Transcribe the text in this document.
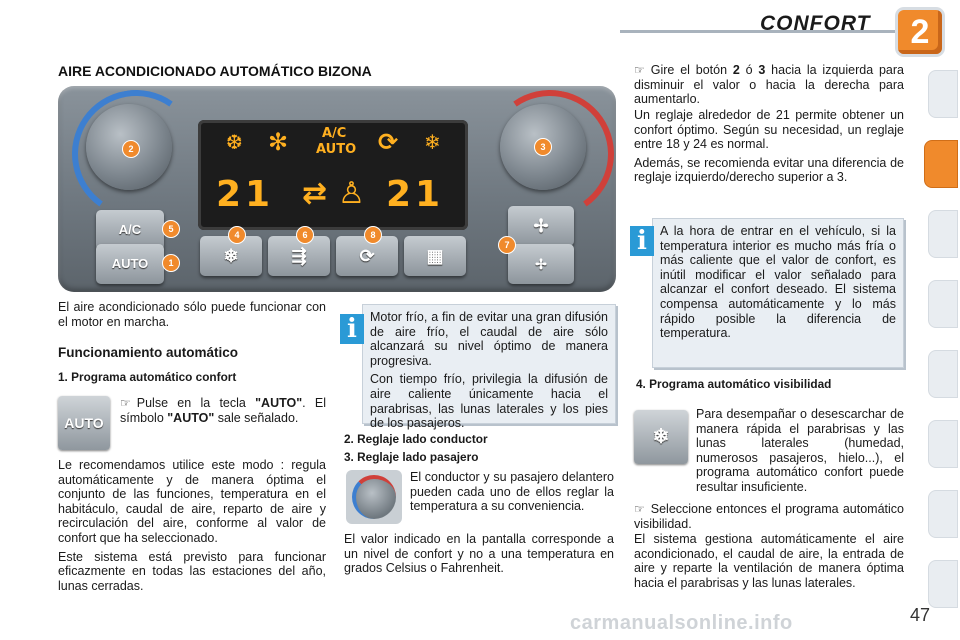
CONFORT	2
AIRE ACONDICIONADO AUTOMÁTICO BIZONA
❆ ✻	A/C
AUTO ⟳ ❄
21 ⇄ ♙ 21
A/C
AUTO	❄	⇶	⟳	▦
✢
✢
5
1
2	3
4	6	8
7

El aire acondicionado sólo puede funcionar con el motor en marcha.

Funcionamiento automático
1. Programa automático confort
AUTO
☞ Pulse en la tecla "AUTO". El símbolo "AUTO" sale señalado.

Le recomendamos utilice este modo : regula automáticamente y de manera óptima el conjunto de las funciones, temperatura en el habitáculo, caudal de aire, reparto de aire y recirculación del aire, conforme al valor de confort que ha seleccionado.

Este sistema está previsto para funcionar eficazmente en todas las estaciones del año, lunas cerradas.

i	Motor frío, a fin de evitar una gran difusión de aire frío, el caudal de aire sólo alcanzará su nivel óptimo de manera progresiva.

Con tiempo frío, privilegia la difusión de aire caliente únicamente hacia el parabrisas, las lunas laterales y los pies de los pasajeros.

2. Reglaje lado conductor
3. Reglaje lado pasajero
El conductor y su pasajero delantero pueden cada uno de ellos reglar la temperatura a su conveniencia.
El valor indicado en la pantalla corresponde a un nivel de confort y no a una temperatura en grados Celsius o Fahrenheit.
☞ Gire el botón 2 ó 3 hacia la izquierda para disminuir el valor o hacia la derecha para aumentarlo.

Un reglaje alrededor de 21 permite obtener un confort óptimo. Según su necesidad, un reglaje entre 18 y 24 es normal.

Además, se recomienda evitar una diferencia de reglaje izquierdo/derecho superior a 3.

i	A la hora de entrar en el vehículo, si la temperatura interior es mucho más fría o más caliente que el valor de confort, es inútil modificar el valor señalado para alcanzar el confort deseado. El sistema compensa automáticamente y lo más rápido posible la diferencia de temperatura.
4. Programa automático visibilidad
❄
Para desempañar o desescarchar de manera rápida el parabrisas y las lunas laterales (humedad, numerosos pasajeros, hielo...), el programa automático confort puede resultar insuficiente.
☞ Seleccione entonces el programa automático visibilidad.
El sistema gestiona automáticamente el aire acondicionado, el caudal de aire, la entrada de aire y reparte la ventilación de manera óptima hacia el parabrisas y las lunas laterales.
carmanualsonline.info	47
